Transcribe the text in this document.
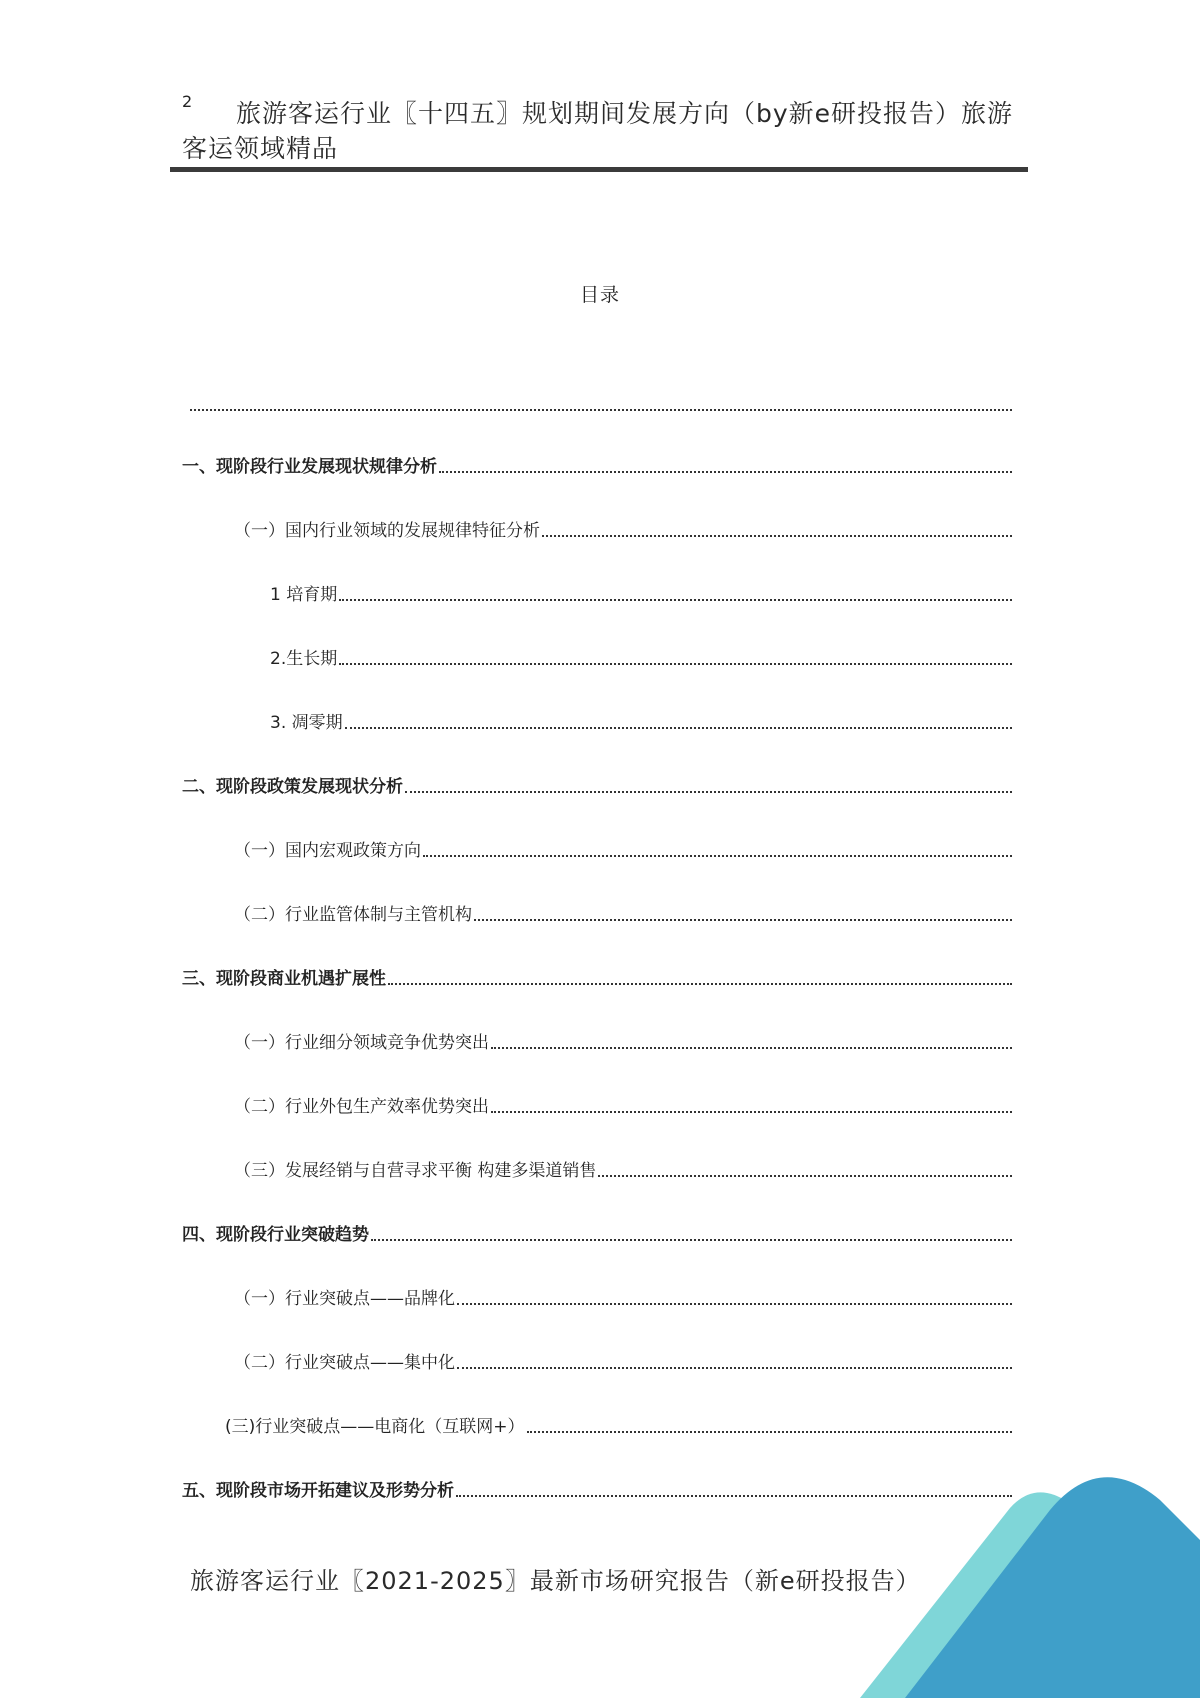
2	旅游客运行业〖十四五〗规划期间发展方向（by新e研投报告）旅游客运领域精品
目录
一、现阶段行业发展现状规律分析
（一）国内行业领域的发展规律特征分析
1 培育期
2.生长期
3. 凋零期
二、现阶段政策发展现状分析
（一）国内宏观政策方向
（二）行业监管体制与主管机构
三、现阶段商业机遇扩展性
（一）行业细分领域竞争优势突出
（二）行业外包生产效率优势突出
（三）发展经销与自营寻求平衡 构建多渠道销售
四、现阶段行业突破趋势
（一）行业突破点——品牌化
（二）行业突破点——集中化
(三)行业突破点——电商化（互联网+）
五、现阶段市场开拓建议及形势分析
旅游客运行业〖2021-2025〗最新市场研究报告（新e研投报告）
